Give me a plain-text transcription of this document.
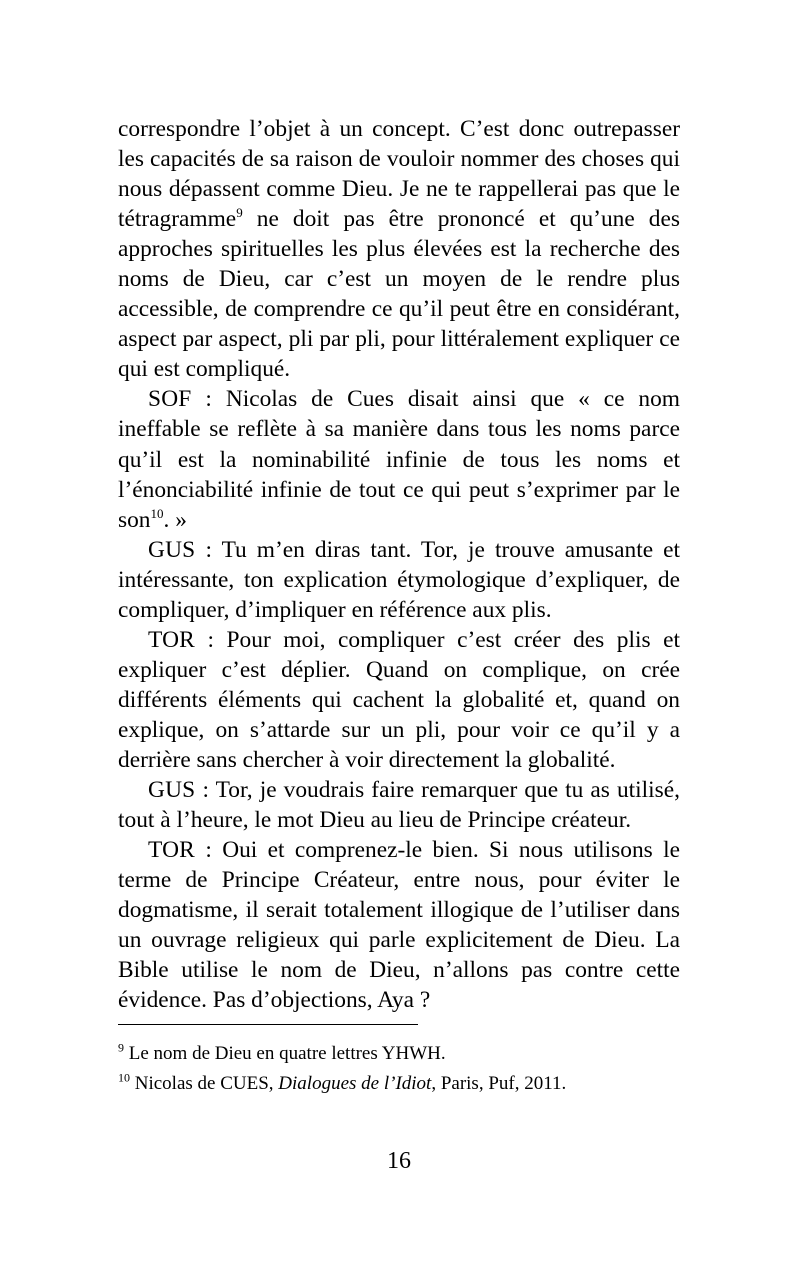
correspondre l’objet à un concept. C’est donc outrepasser les capacités de sa raison de vouloir nommer des choses qui nous dépassent comme Dieu. Je ne te rappellerai pas que le tétragramme$^9$ ne doit pas être prononcé et qu’une des approches spirituelles les plus élevées est la recherche des noms de Dieu, car c’est un moyen de le rendre plus accessible, de comprendre ce qu’il peut être en considérant, aspect par aspect, pli par pli, pour littéralement expliquer ce qui est compliqué.

SOF : Nicolas de Cues disait ainsi que « ce nom ineffable se reflète à sa manière dans tous les noms parce qu’il est la nominabilité infinie de tous les noms et l’énonciabilité infinie de tout ce qui peut s’exprimer par le son$^{10}$. »

GUS : Tu m’en diras tant. Tor, je trouve amusante et intéressante, ton explication étymologique d’expliquer, de compliquer, d’impliquer en référence aux plis.

TOR : Pour moi, compliquer c’est créer des plis et expliquer c’est déplier. Quand on complique, on crée différents éléments qui cachent la globalité et, quand on explique, on s’attarde sur un pli, pour voir ce qu’il y a derrière sans chercher à voir directement la globalité.

GUS : Tor, je voudrais faire remarquer que tu as utilisé, tout à l’heure, le mot Dieu au lieu de Principe créateur.

TOR : Oui et comprenez-le bien. Si nous utilisons le terme de Principe Créateur, entre nous, pour éviter le dogmatisme, il serait totalement illogique de l’utiliser dans un ouvrage religieux qui parle explicitement de Dieu. La Bible utilise le nom de Dieu, n’allons pas contre cette évidence. Pas d’objections, Aya ?

$^9$ Le nom de Dieu en quatre lettres YHWH.

$^{10}$ Nicolas de CUES, Dialogues de l’Idiot, Paris, Puf, 2011.

16
